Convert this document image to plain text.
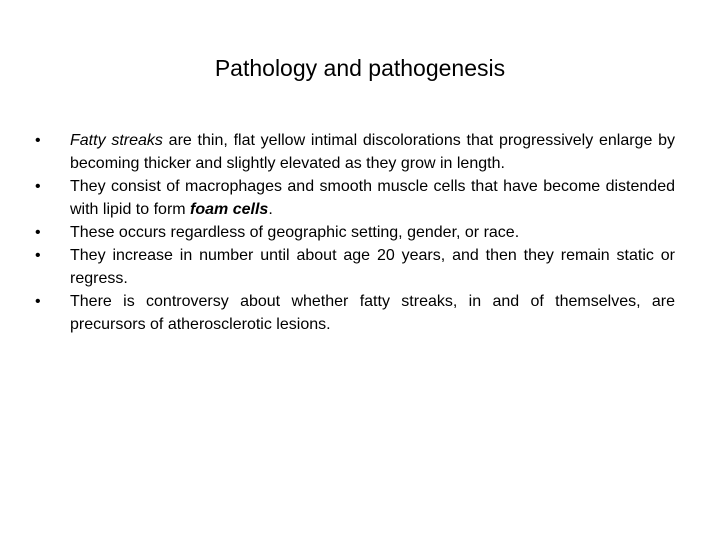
Pathology and pathogenesis
•	Fatty streaks are thin, flat yellow intimal discolorations that progressively enlarge by becoming thicker and slightly elevated as they grow in length.
•	They consist of macrophages and smooth muscle cells that have become distended with lipid to form foam cells.
•	These occurs regardless of geographic setting, gender, or race.
•	They increase in number until about age 20 years, and then they remain static or regress.
•	There is controversy about whether fatty streaks, in and of themselves, are precursors of atherosclerotic lesions.
